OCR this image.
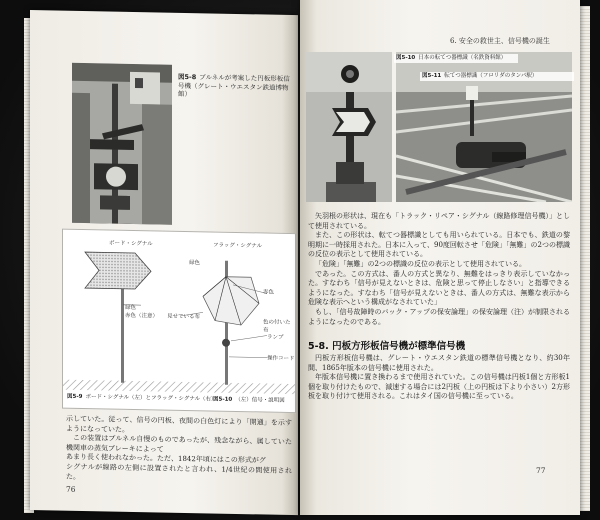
図5-8 ブルネルが考案した円板形板信号機（グレート・ウエスタン鉄道博物館）
ボード・シグナル	フラッグ・シグナル
緑色
緑色
赤色（注意）
赤色
見せている布
色の付いた布
ランプ
操作コード
図5-9 ボード・シグナル（左）とフラッグ・シグナル（右）
図5-10 （左）信号・説明図

示していた。従って、信号の円板、夜間の白色灯により「開通」を示すようになっていた。

この装置はブルネル自慢のものであったが、残念ながら、属していた機関車の蒸気ブレーキによって

あまり長く使われなかった。ただ、1842年頃にはこの形式がグ

シグナルが線路の左側に設置されたと言われ、1/4世紀の間使用された。

76
6. 安全の救世主、信号機の誕生
図5-10 日本の転てつ器標識（名鉄資料館）
図5-11 転てつ器標識（フロリダのタンパ駅）

矢羽根の形状は、現在も「トラック・リペア・シグナル（線路修理信号機）」として使用されている。

また、この形状は、転てつ器標識としても用いられている。日本でも、鉄道の黎明期に一時採用された。日本に入って、90度回転させ「危険」「無難」の2つの標識の反位の表示として使用されている。

「危険」「無難」の2つの標識の反位の表示として使用されている。

であった。この方式は、番人の方式と異なり、無難をはっきり表示していなかった。すなわち「信号が見えないときは、危険と思って停止しなさい」と指導できるようになった。すなわち「信号が見えないときは、番人の方式は、無難な表示から危険な表示へという構成がなされていた」

もし、「信号故障時のバック・アップの保安論理」の保安論理（注）が制限されるようになったのである。

5-8. 円板方形板信号機が標準信号機

円板方形板信号機は、グレート・ウエスタン鉄道の標準信号機となり、約30年間、1865年版本の信号機に使用された。

年版本信号機に置き換わるまで使用されていた。この信号機は円板1個と方形板1個を取り付けたもので、減速する場合には2円板（上の円板は下より小さい）2方形板を取り付けて使用される。これはタイ国の信号機に至っている。

77
